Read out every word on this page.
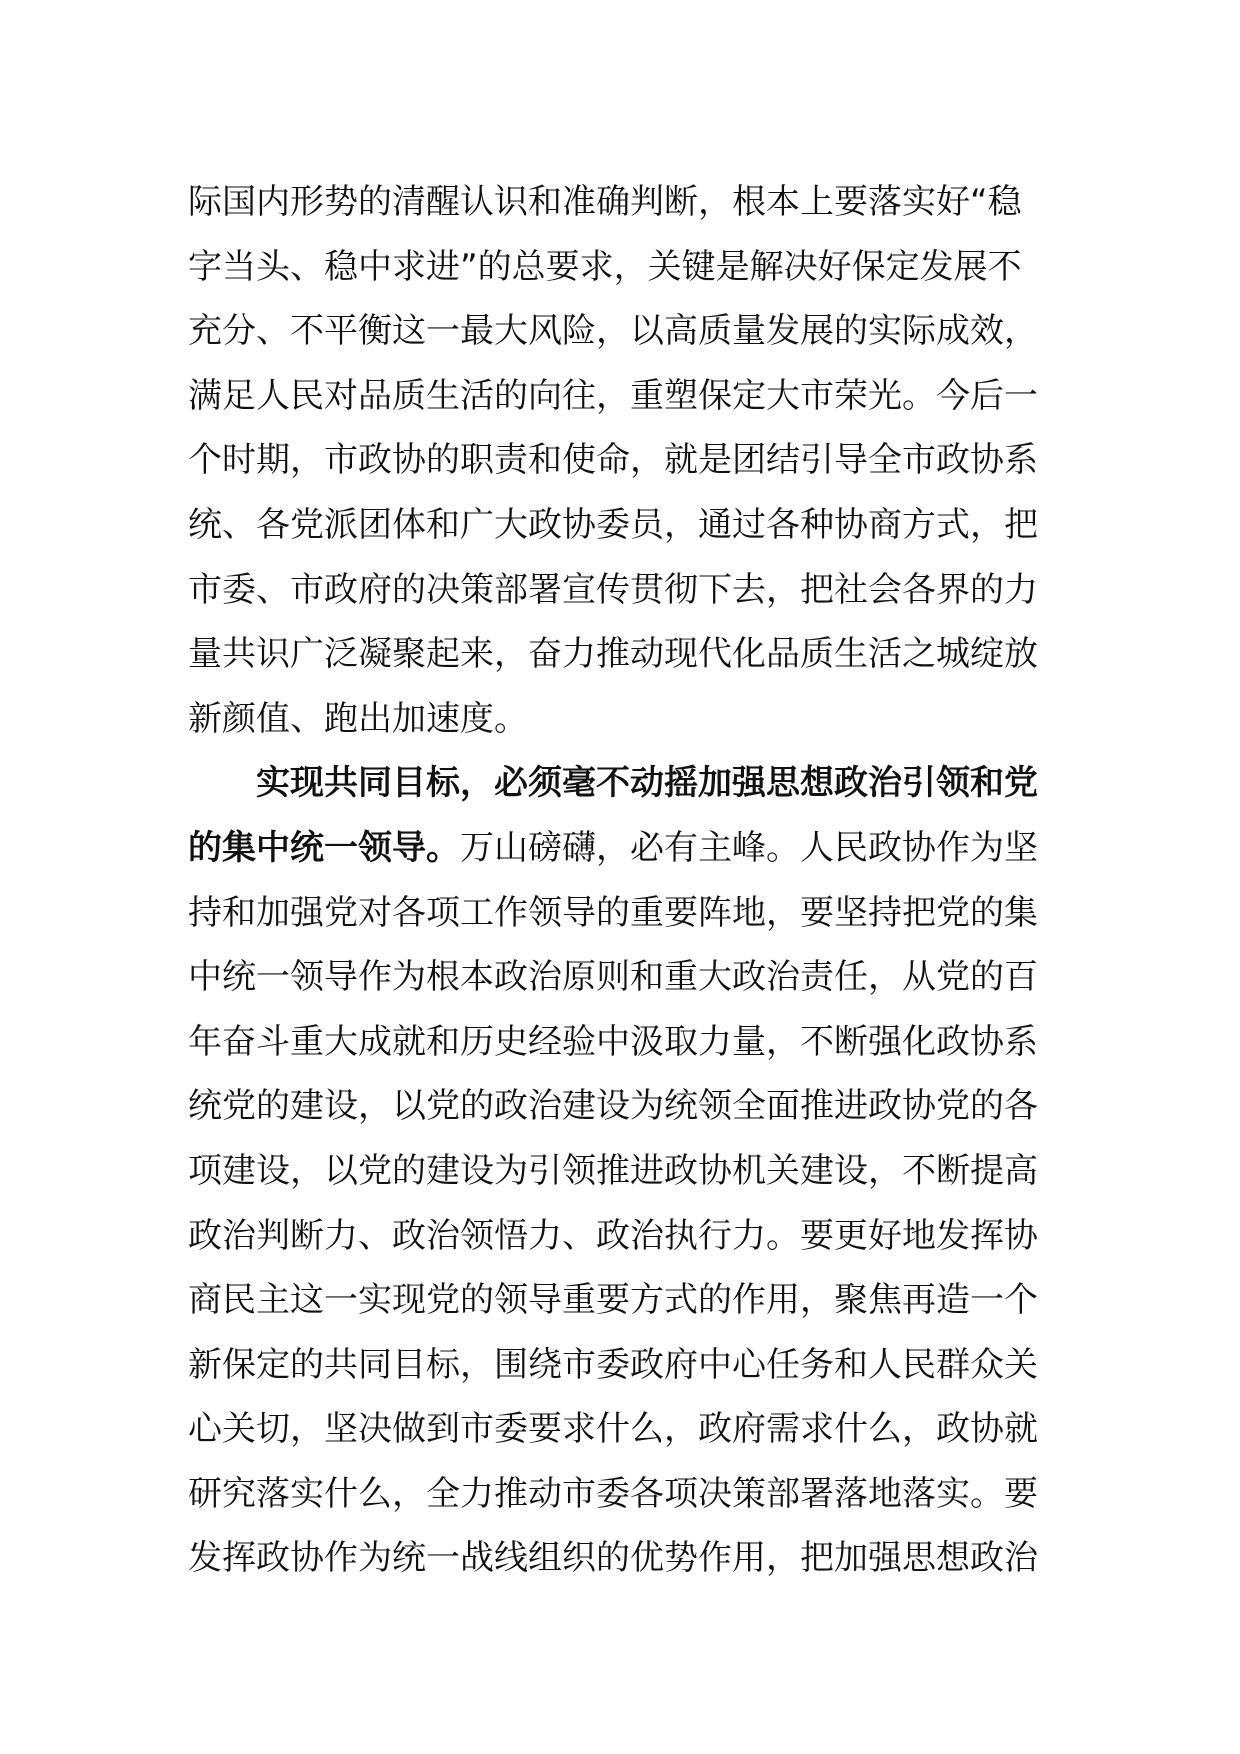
际国内形势的清醒认识和准确判断，根本上要落实好“稳
字当头、稳中求进”的总要求，关键是解决好保定发展不
充分、不平衡这一最大风险，以高质量发展的实际成效，
满足人民对品质生活的向往，重塑保定大市荣光。今后一
个时期，市政协的职责和使命，就是团结引导全市政协系
统、各党派团体和广大政协委员，通过各种协商方式，把
市委、市政府的决策部署宣传贯彻下去，把社会各界的力
量共识广泛凝聚起来，奋力推动现代化品质生活之城绽放
新颜值、跑出加速度。
实现共同目标，必须毫不动摇加强思想政治引领和党
的集中统一领导。万山磅礴，必有主峰。人民政协作为坚
持和加强党对各项工作领导的重要阵地，要坚持把党的集
中统一领导作为根本政治原则和重大政治责任，从党的百
年奋斗重大成就和历史经验中汲取力量，不断强化政协系
统党的建设，以党的政治建设为统领全面推进政协党的各
项建设，以党的建设为引领推进政协机关建设，不断提高
政治判断力、政治领悟力、政治执行力。要更好地发挥协
商民主这一实现党的领导重要方式的作用，聚焦再造一个
新保定的共同目标，围绕市委政府中心任务和人民群众关
心关切，坚决做到市委要求什么，政府需求什么，政协就
研究落实什么，全力推动市委各项决策部署落地落实。要
发挥政协作为统一战线组织的优势作用，把加强思想政治
